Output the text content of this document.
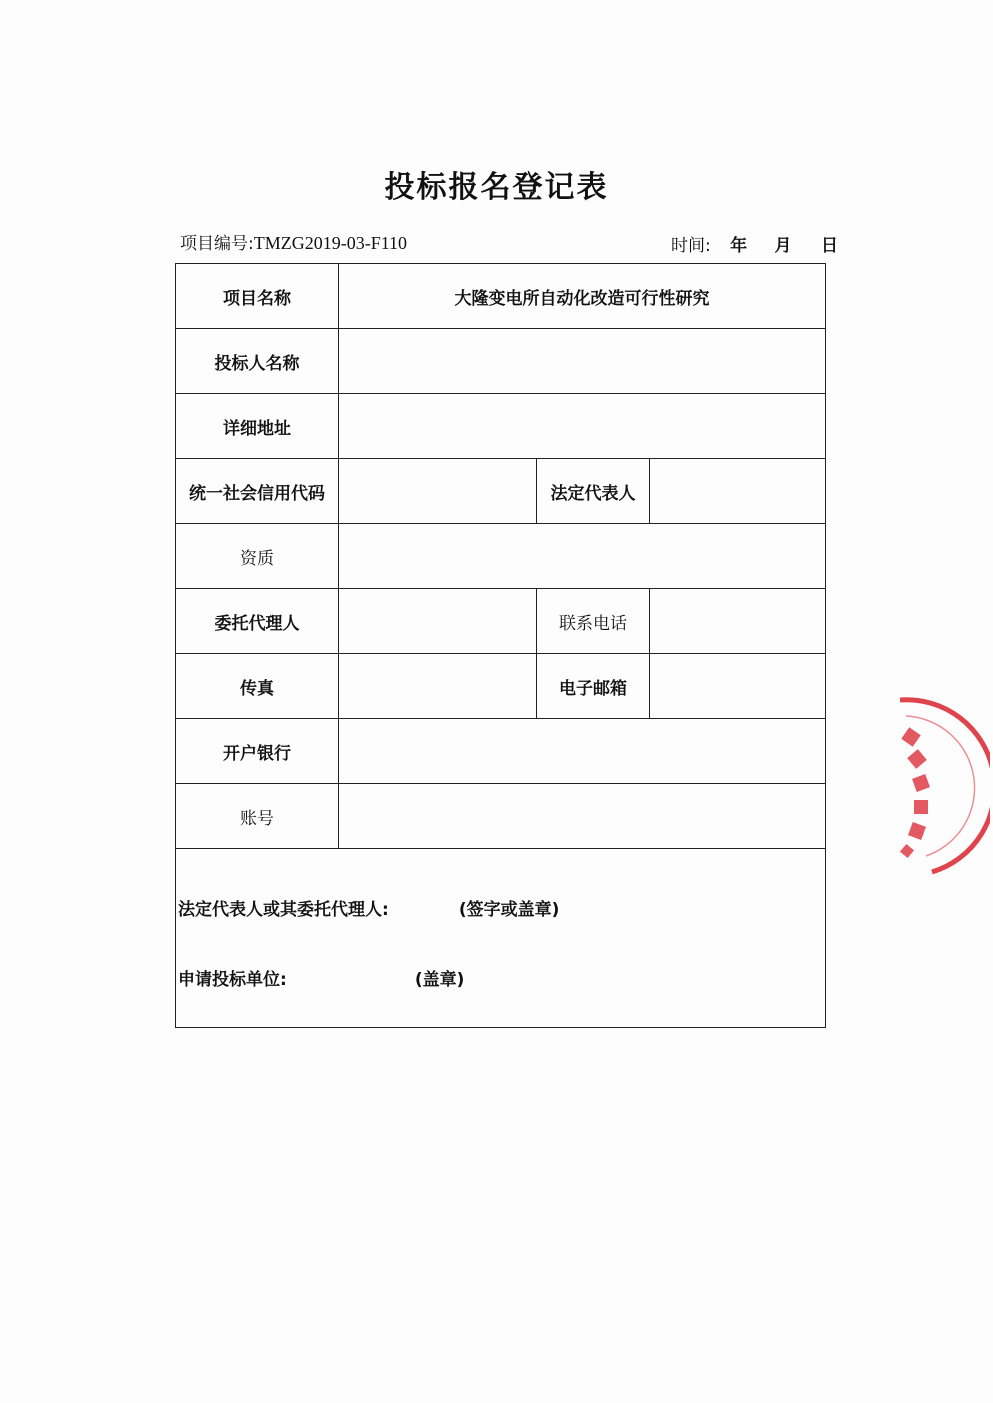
投标报名登记表
项目编号:TMZG2019-03-F110	时间: 年 月 日
项目名称	大隆变电所自动化改造可行性研究		
投标人名称			
详细地址			
统一社会信用代码		法定代表人	
资质			
委托代理人		联系电话	
传真		电子邮箱	
开户银行			
账号			

法定代表人或其委托代理人: (签字或盖章)
申请投标单位: (盖章)			
